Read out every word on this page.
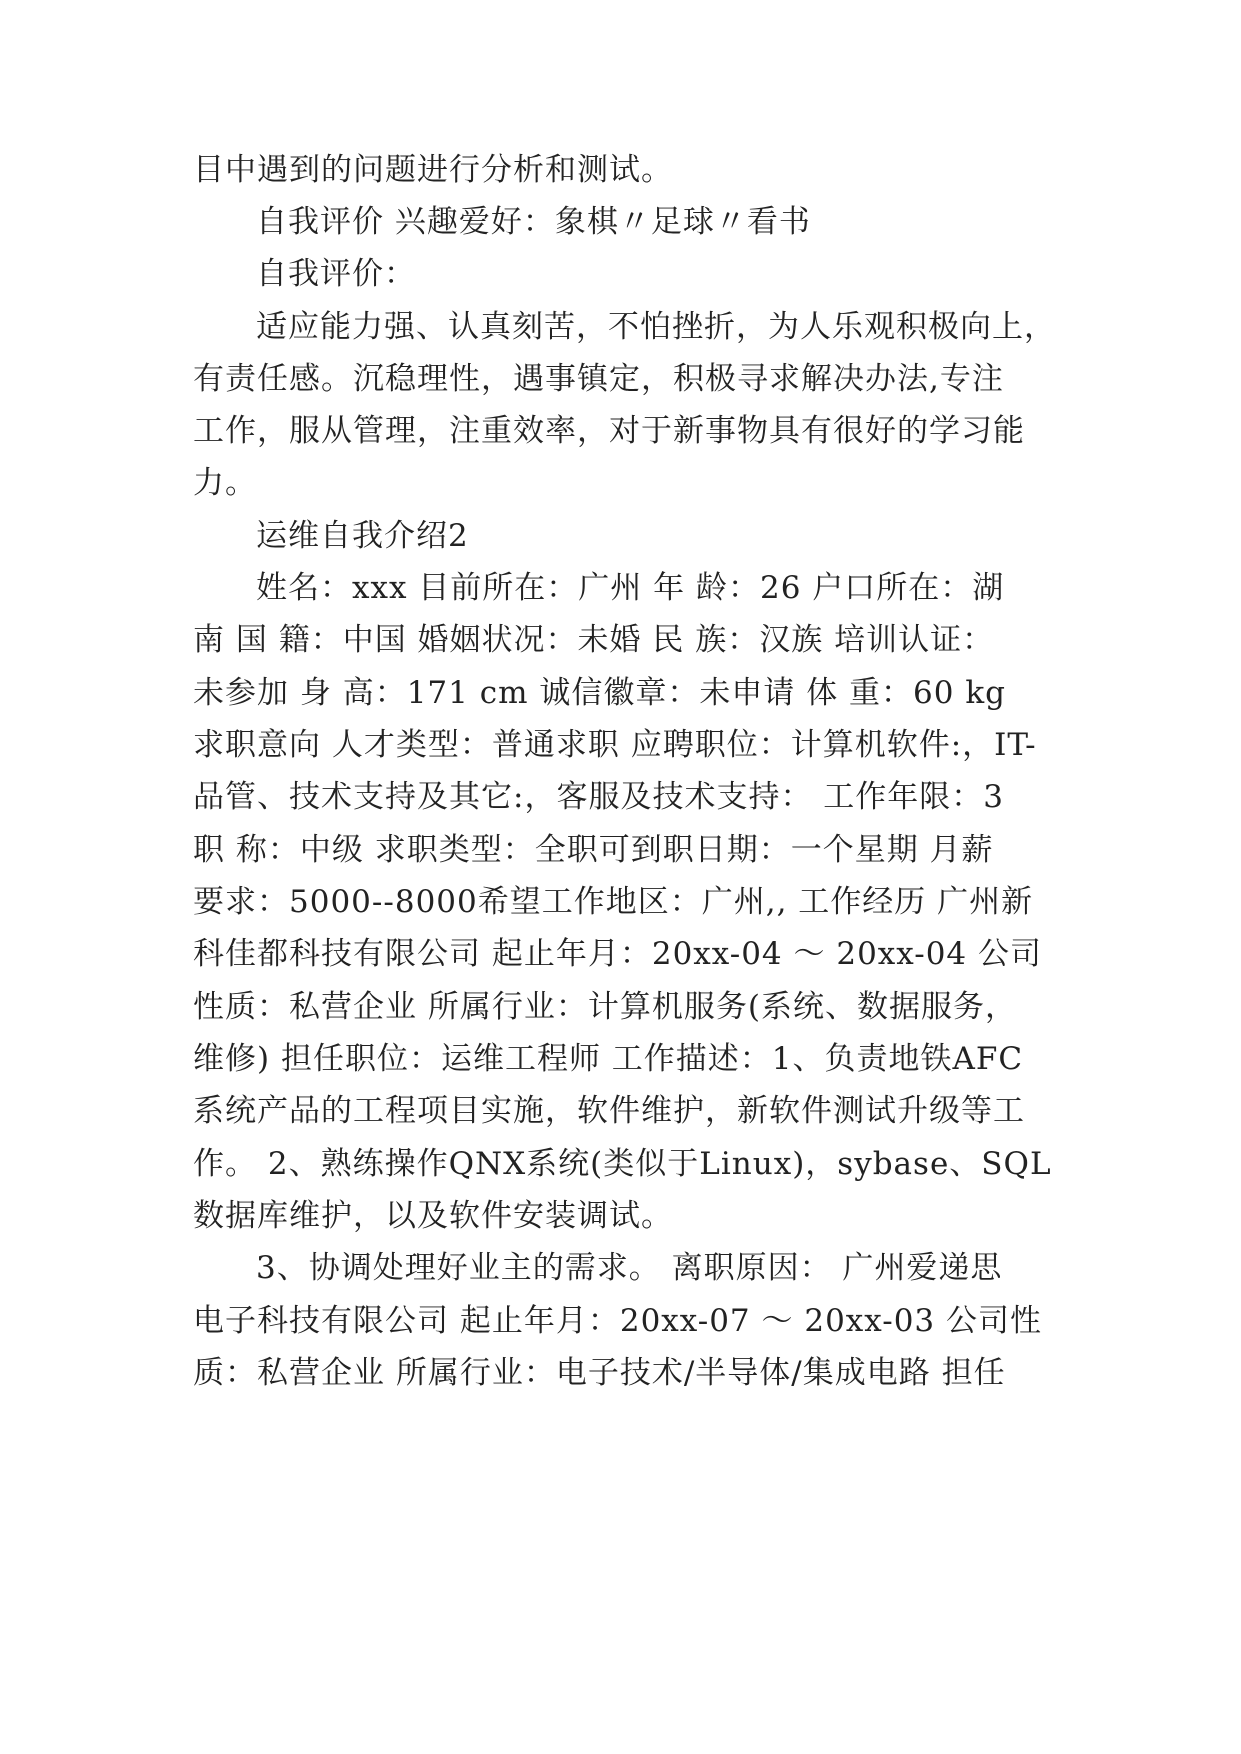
目中遇到的问题进行分析和测试。
自我评价 兴趣爱好：象棋〃足球〃看书
自我评价：
适应能力强、认真刻苦，不怕挫折，为人乐观积极向上，
有责任感。沉稳理性，遇事镇定，积极寻求解决办法,专注
工作，服从管理，注重效率，对于新事物具有很好的学习能
力。
运维自我介绍2
姓名：xxx 目前所在：广州 年 龄：26 户口所在：湖
南 国 籍：中国 婚姻状况：未婚 民 族：汉族 培训认证：
未参加 身 高：171 cm 诚信徽章：未申请 体 重：60 kg
求职意向 人才类型：普通求职 应聘职位：计算机软件:，IT-
品管、技术支持及其它:，客服及技术支持： 工作年限：3
职 称：中级 求职类型：全职可到职日期：一个星期 月薪
要求：5000--8000希望工作地区：广州,, 工作经历 广州新
科佳都科技有限公司 起止年月：20xx-04 ～ 20xx-04 公司
性质：私营企业 所属行业：计算机服务(系统、数据服务，
维修) 担任职位：运维工程师 工作描述：1、负责地铁AFC
系统产品的工程项目实施，软件维护，新软件测试升级等工
作。 2、熟练操作QNX系统(类似于Linux)，sybase、SQL
数据库维护，以及软件安装调试。
3、协调处理好业主的需求。 离职原因： 广州爱递思
电子科技有限公司 起止年月：20xx-07 ～ 20xx-03 公司性
质：私营企业 所属行业：电子技术/半导体/集成电路 担任
